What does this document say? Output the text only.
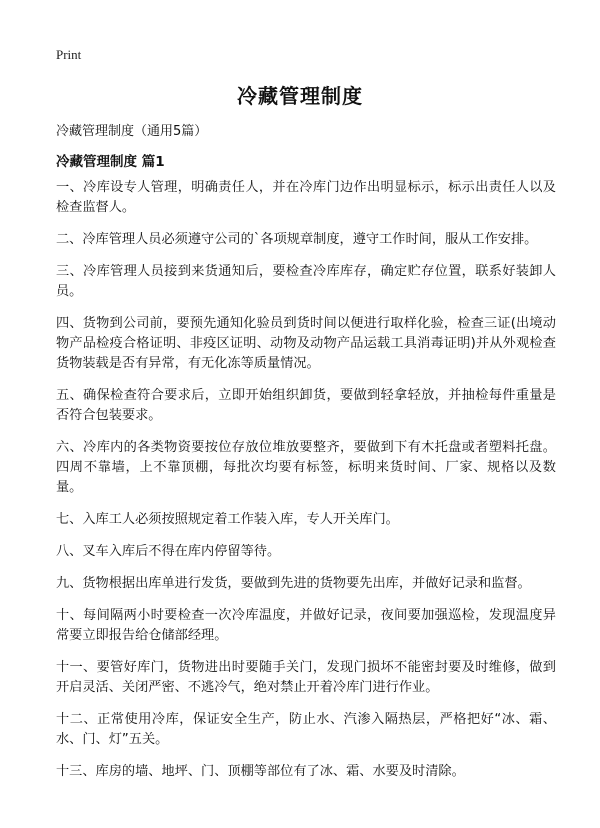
Print
冷藏管理制度

冷藏管理制度（通用5篇）

冷藏管理制度 篇1

一、冷库设专人管理，明确责任人，并在冷库门边作出明显标示，标示出责任人以及检查监督人。

二、冷库管理人员必须遵守公司的`各项规章制度，遵守工作时间，服从工作安排。

三、冷库管理人员接到来货通知后，要检查冷库库存，确定贮存位置，联系好装卸人员。

四、货物到公司前，要预先通知化验员到货时间以便进行取样化验，检查三证(出境动物产品检疫合格证明、非疫区证明、动物及动物产品运载工具消毒证明)并从外观检查货物装载是否有异常，有无化冻等质量情况。

五、确保检查符合要求后，立即开始组织卸货，要做到轻拿轻放，并抽检每件重量是否符合包装要求。

六、冷库内的各类物资要按位存放位堆放要整齐，要做到下有木托盘或者塑料托盘。四周不靠墙，上不靠顶棚，每批次均要有标签，标明来货时间、厂家、规格以及数量。

七、入库工人必须按照规定着工作装入库，专人开关库门。

八、叉车入库后不得在库内停留等待。

九、货物根据出库单进行发货，要做到先进的货物要先出库，并做好记录和监督。

十、每间隔两小时要检查一次冷库温度，并做好记录，夜间要加强巡检，发现温度异常要立即报告给仓储部经理。

十一、要管好库门，货物进出时要随手关门，发现门损坏不能密封要及时维修，做到开启灵活、关闭严密、不逃冷气，绝对禁止开着冷库门进行作业。

十二、正常使用冷库，保证安全生产，防止水、汽渗入隔热层，严格把好“冰、霜、水、门、灯”五关。

十三、库房的墙、地坪、门、顶棚等部位有了冰、霜、水要及时清除。
